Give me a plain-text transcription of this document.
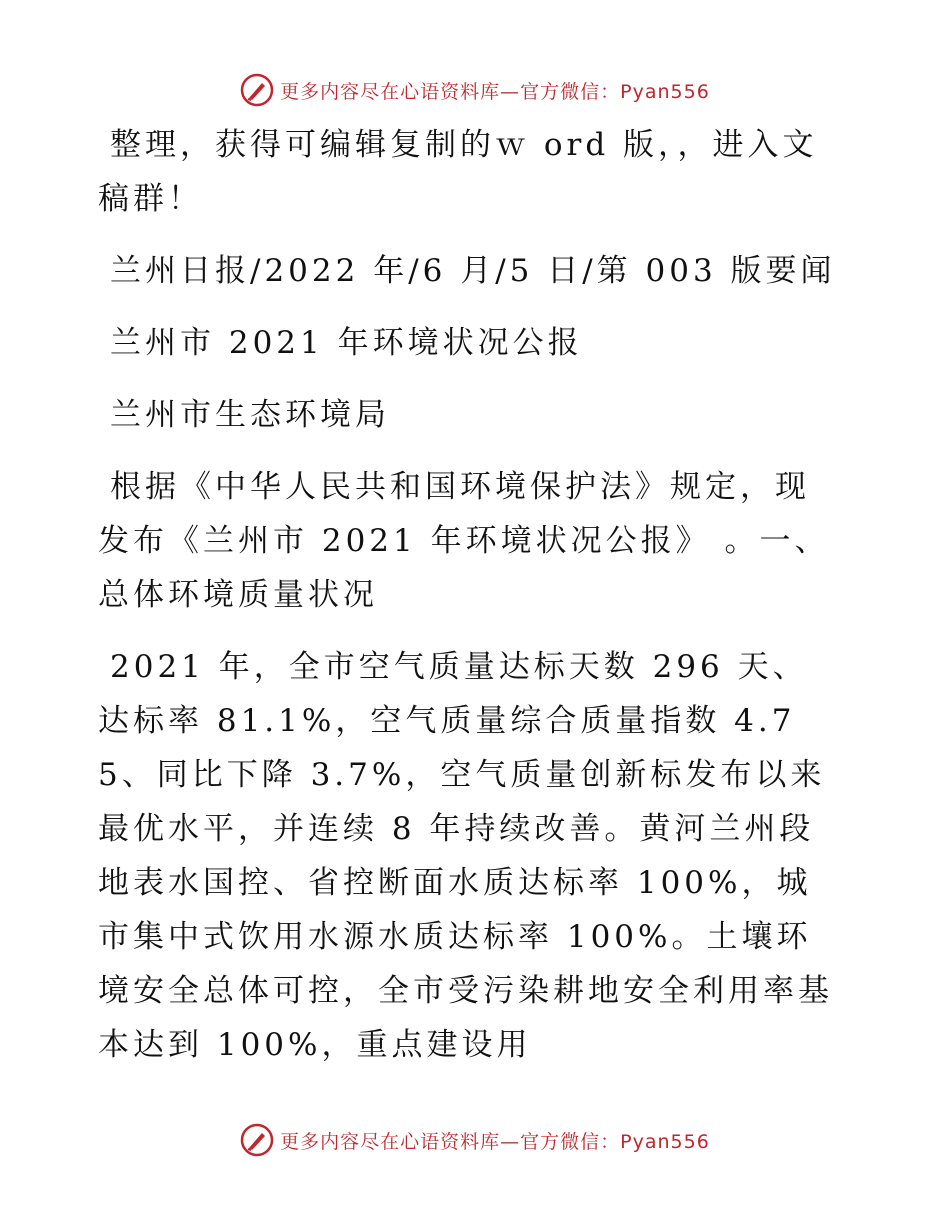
更多内容尽在心语资料库—官方微信：Pyan556

整理，获得可编辑复制的ｗ ord 版，，进入文稿群！

兰州日报/2022 年/6 月/5 日/第 003 版要闻

兰州市 2021 年环境状况公报

兰州市生态环境局

根据《中华人民共和国环境保护法》规定，现发布《兰州市 2021 年环境状况公报》 。一、总体环境质量状况

2021 年，全市空气质量达标天数 296 天、达标率 81.1%，空气质量综合质量指数 4.75、同比下降 3.7%，空气质量创新标发布以来最优水平，并连续 8 年持续改善。黄河兰州段地表水国控、省控断面水质达标率 100%，城市集中式饮用水源水质达标率 100%。土壤环境安全总体可控，全市受污染耕地安全利用率基本达到 100%，重点建设用

更多内容尽在心语资料库—官方微信：Pyan556
